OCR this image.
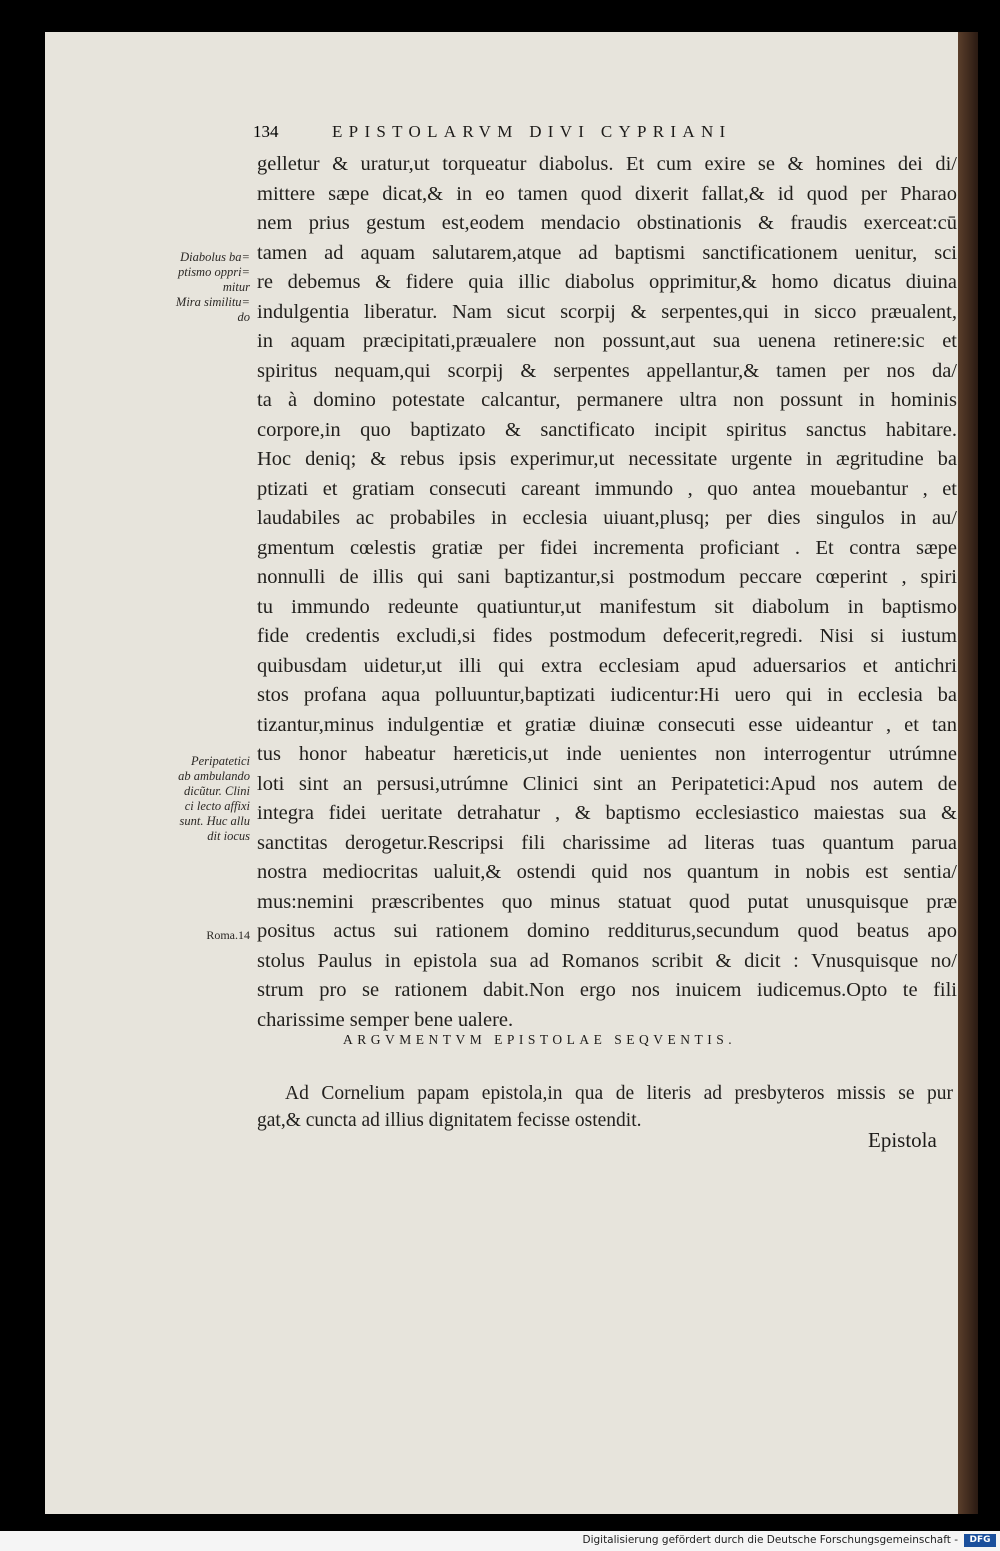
134	EPISTOLARVM DIVI CYPRIANI
gelletur & uratur,ut torqueatur diabolus. Et cum exire se & homines dei di/
mittere sæpe dicat,& in eo tamen quod dixerit fallat,& id quod per Pharao
nem prius gestum est,eodem mendacio obstinationis & fraudis exerceat:cū
tamen ad aquam salutarem,atque ad baptismi sanctificationem uenitur, sci
re debemus & fidere quia illic diabolus opprimitur,& homo dicatus diuina
indulgentia liberatur. Nam sicut scorpij & serpentes,qui in sicco præualent,
in aquam præcipitati,præualere non possunt,aut sua uenena retinere:sic et
spiritus nequam,qui scorpij & serpentes appellantur,& tamen per nos da/
ta à domino potestate calcantur, permanere ultra non possunt in hominis
corpore,in quo baptizato & sanctificato incipit spiritus sanctus habitare.
Hoc deniq; & rebus ipsis experimur,ut necessitate urgente in ægritudine ba
ptizati et gratiam consecuti careant immundo , quo antea mouebantur , et
laudabiles ac probabiles in ecclesia uiuant,plusq; per dies singulos in au/
gmentum cœlestis gratiæ per fidei incrementa proficiant . Et contra sæpe
nonnulli de illis qui sani baptizantur,si postmodum peccare cœperint , spiri
tu immundo redeunte quatiuntur,ut manifestum sit diabolum in baptismo
fide credentis excludi,si fides postmodum defecerit,regredi. Nisi si iustum
quibusdam uidetur,ut illi qui extra ecclesiam apud aduersarios et antichri
stos profana aqua polluuntur,baptizati iudicentur:Hi uero qui in ecclesia ba
tizantur,minus indulgentiæ et gratiæ diuinæ consecuti esse uideantur , et tan
tus honor habeatur hæreticis,ut inde uenientes non interrogentur utrúmne
loti sint an persusi,utrúmne Clinici sint an Peripatetici:Apud nos autem de
integra fidei ueritate detrahatur , & baptismo ecclesiastico maiestas sua &
sanctitas derogetur.Rescripsi fili charissime ad literas tuas quantum parua
nostra mediocritas ualuit,& ostendi quid nos quantum in nobis est sentia/
mus:nemini præscribentes quo minus statuat quod putat unusquisque præ
positus actus sui rationem domino redditurus,secundum quod beatus apo
stolus Paulus in epistola sua ad Romanos scribit & dicit : Vnusquisque no/
strum pro se rationem dabit.Non ergo nos inuicem iudicemus.Opto te fili
charissime semper bene ualere.
Diabolus ba=
ptismo oppri=
mitur
Mira similitu=
do
Peripatetici
ab ambulando
dicũtur. Clini
ci lecto affixi
sunt. Huc allu
dit iocus
Roma.14
ARGVMENTVM EPISTOLAE SEQVENTIS.
Ad Cornelium papam epistola,in qua de literis ad presbyteros missis se pur
gat,& cuncta ad illius dignitatem fecisse ostendit.
Epistola
Digitalisierung gefördert durch die Deutsche Forschungsgemeinschaft -	DFG
